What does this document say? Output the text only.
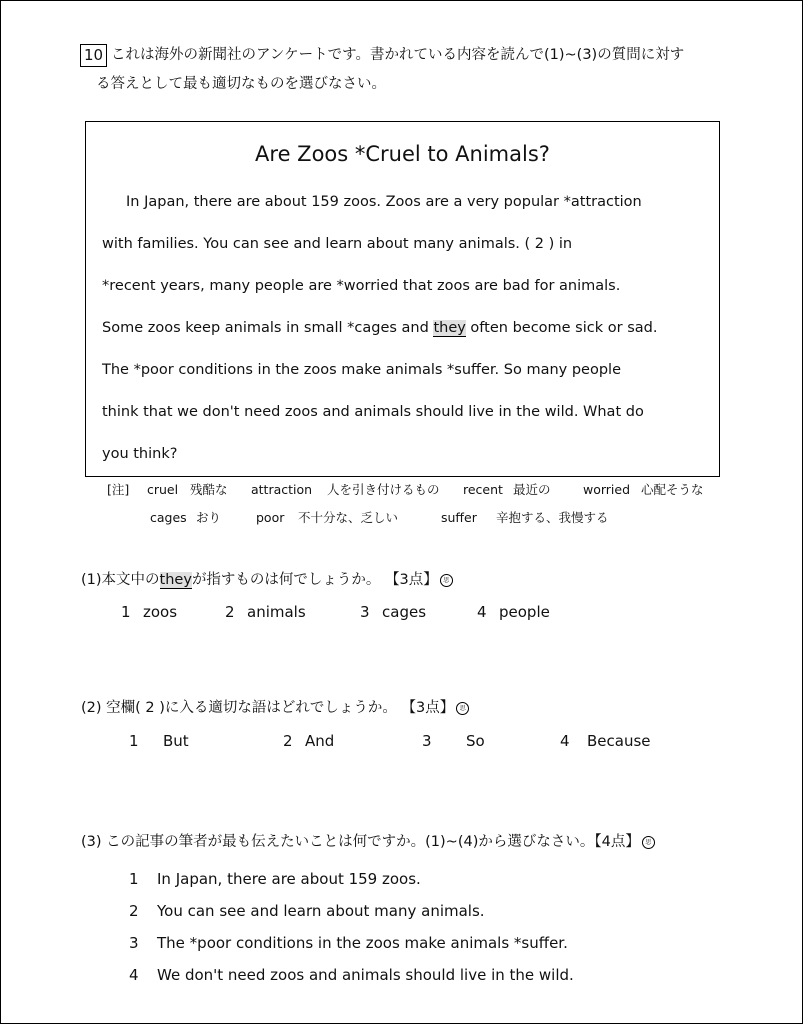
10 これは海外の新聞社のアンケートです。書かれている内容を読んで(1)~(3)の質問に対す
る答えとして最も適切なものを選びなさい。
Are Zoos *Cruel to Animals?
In Japan, there are about 159 zoos. Zoos are a very popular *attraction
with families. You can see and learn about many animals. ( 2 ) in
*recent years, many people are *worried that zoos are bad for animals.
Some zoos keep animals in small *cages and they often become sick or sad.
The *poor conditions in the zoos make animals *suffer. So many people
think that we don't need zoos and animals should live in the wild. What do
you think?
[注] cruel 残酷な attraction 人を引き付けるもの recent 最近の	worried 心配そうな
cages おり	poor 不十分な、乏しい	suffer 辛抱する、我慢する
(1)本文中のtheyが指すものは何でしょうか。 【3点】 思
1 zoos	2 animals	3 cages	4 people
(2) 空欄( 2 )に入る適切な語はどれでしょうか。 【3点】 思
1 But	2 And	3 So	4 Because
(3) この記事の筆者が最も伝えたいことは何ですか。(1)~(4)から選びなさい。【4点】 思
1 In Japan, there are about 159 zoos.
2 You can see and learn about many animals.
3 The *poor conditions in the zoos make animals *suffer.
4 We don't need zoos and animals should live in the wild.
